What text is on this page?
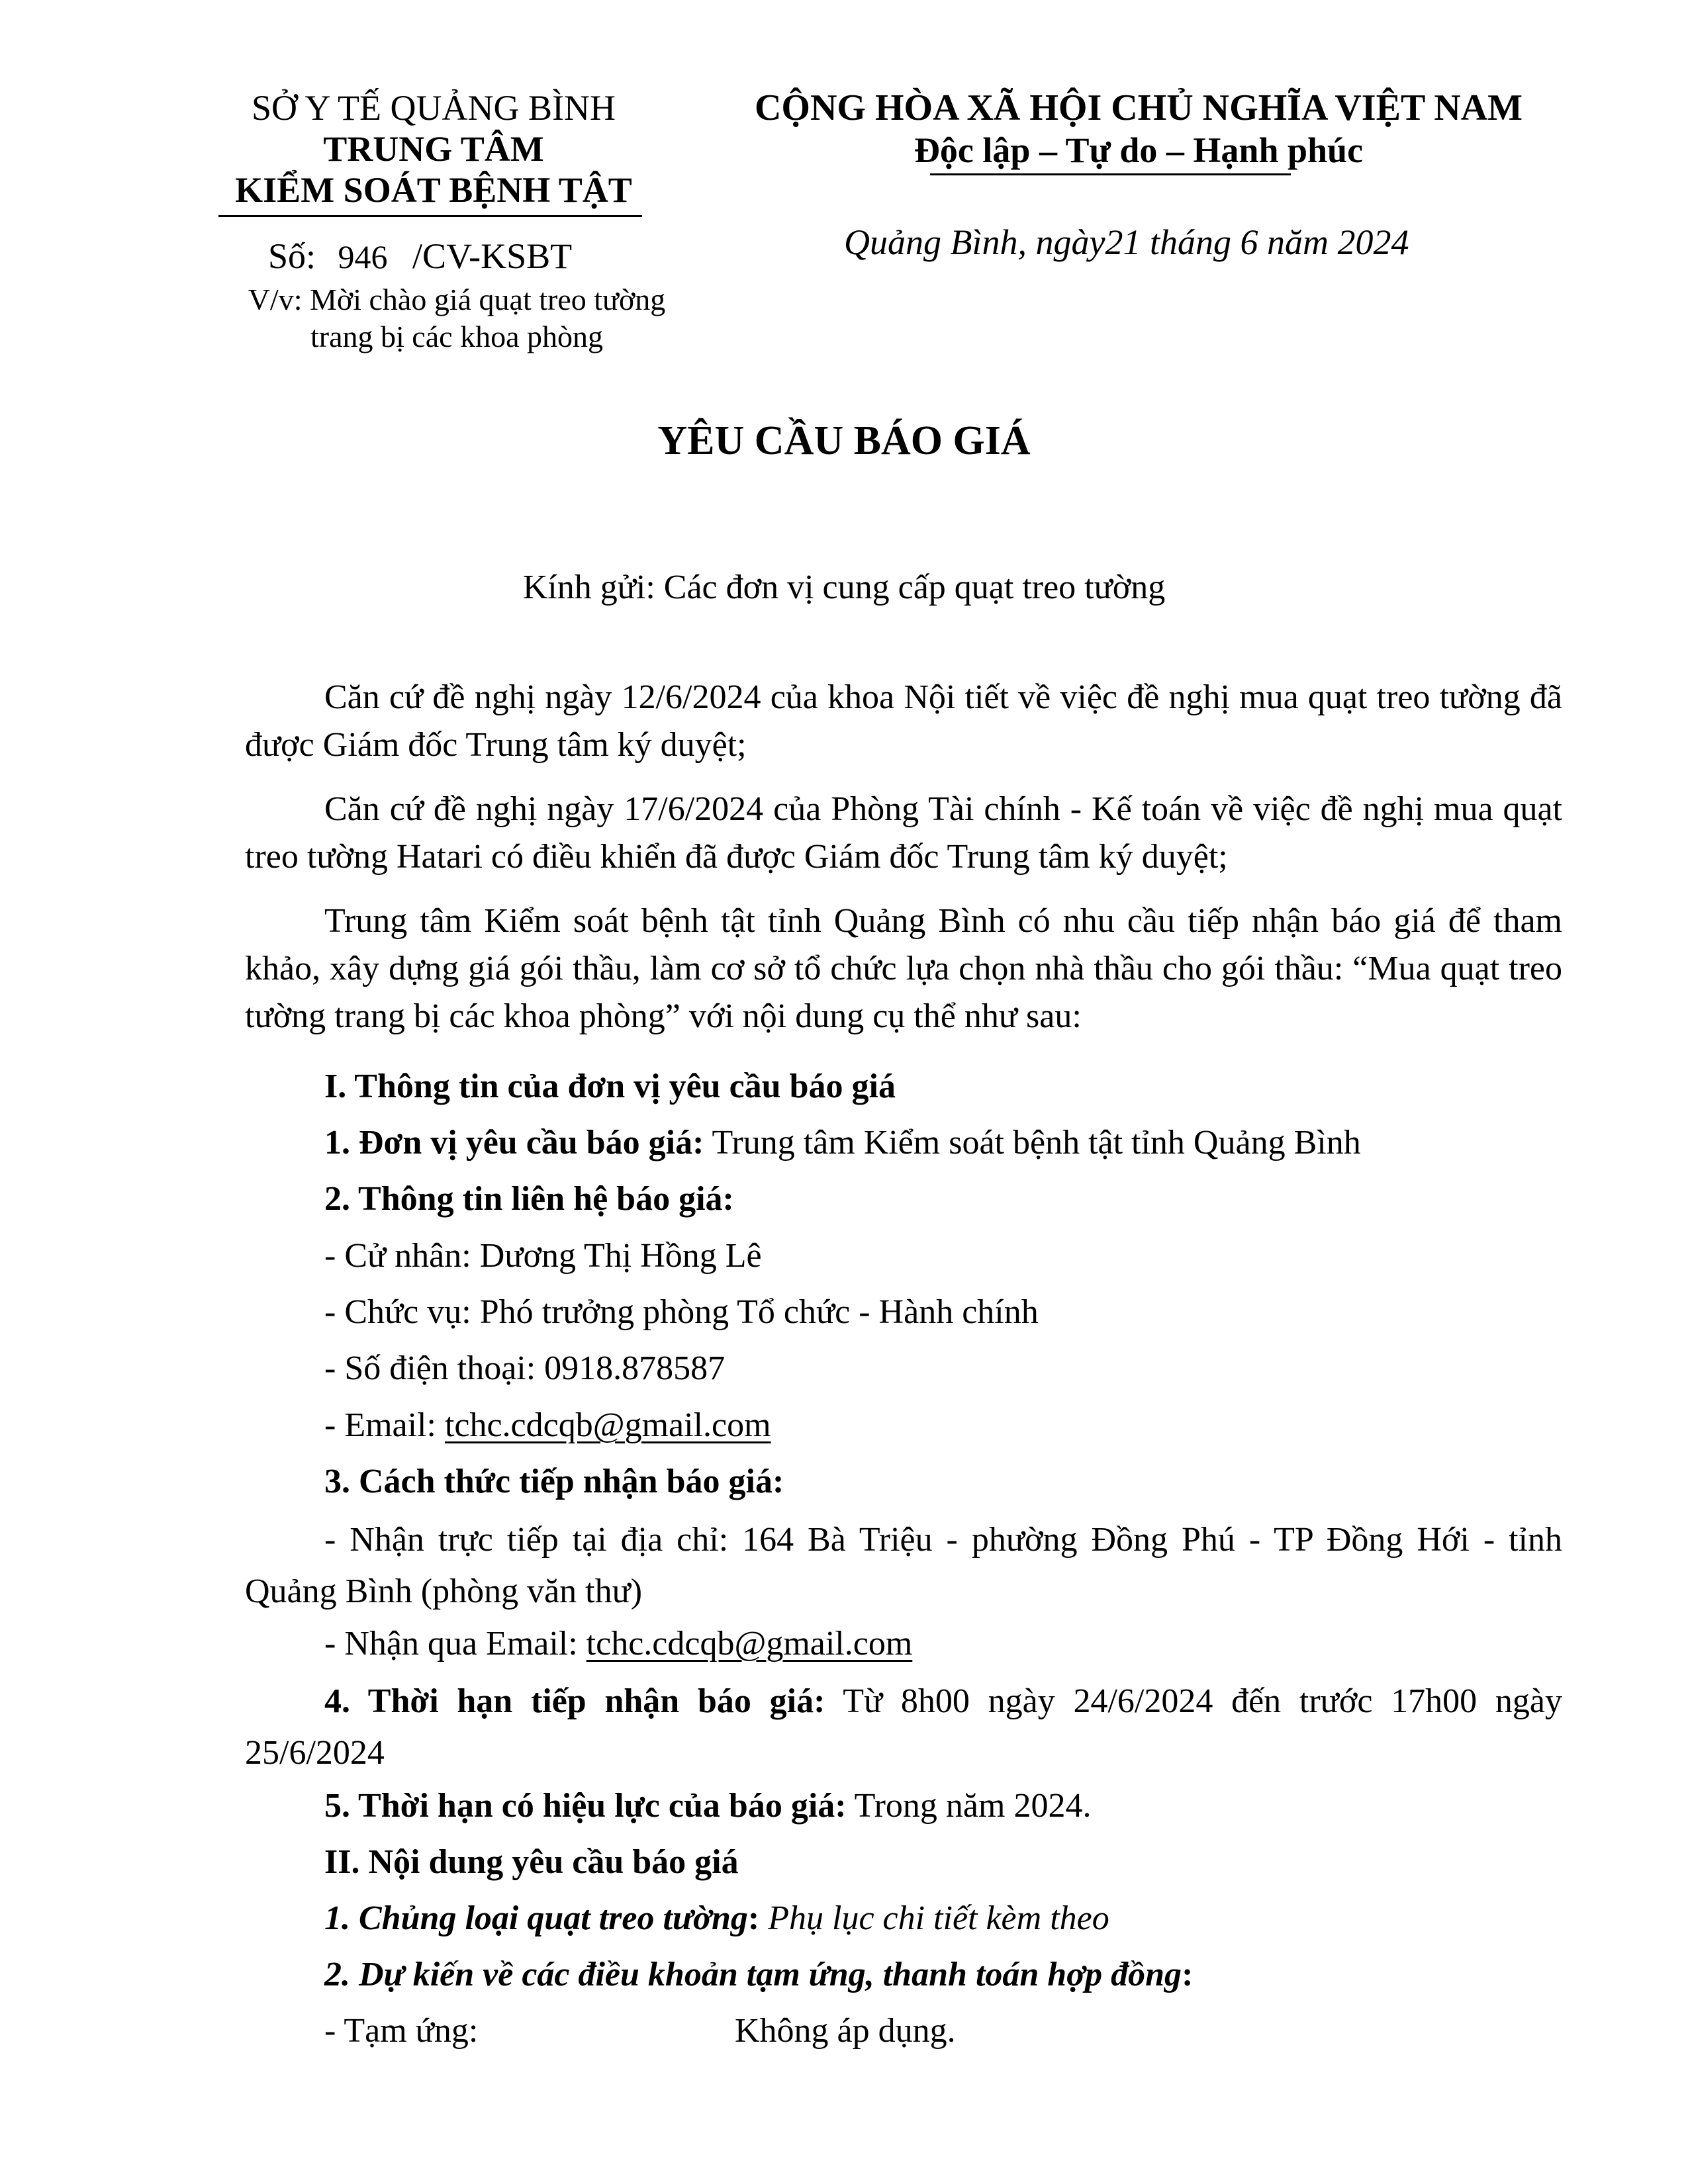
SỞ Y TẾ QUẢNG BÌNH
TRUNG TÂM
KIỂM SOÁT BỆNH TẬT
Số: 946 /CV-KSBT
V/v: Mời chào giá quạt treo tường
trang bị các khoa phòng
CỘNG HÒA XÃ HỘI CHỦ NGHĨA VIỆT NAM
Độc lập – Tự do – Hạnh phúc
Quảng Bình, ngày21 tháng 6 năm 2024
YÊU CẦU BÁO GIÁ
Kính gửi: Các đơn vị cung cấp quạt treo tường
Căn cứ đề nghị ngày 12/6/2024 của khoa Nội tiết về việc đề nghị mua quạt treo tường đã được Giám đốc Trung tâm ký duyệt;
Căn cứ đề nghị ngày 17/6/2024 của Phòng Tài chính - Kế toán về việc đề nghị mua quạt treo tường Hatari có điều khiển đã được Giám đốc Trung tâm ký duyệt;
Trung tâm Kiểm soát bệnh tật tỉnh Quảng Bình có nhu cầu tiếp nhận báo giá để tham khảo, xây dựng giá gói thầu, làm cơ sở tổ chức lựa chọn nhà thầu cho gói thầu: “Mua quạt treo tường trang bị các khoa phòng” với nội dung cụ thể như sau:
I. Thông tin của đơn vị yêu cầu báo giá
1. Đơn vị yêu cầu báo giá: Trung tâm Kiểm soát bệnh tật tỉnh Quảng Bình
2. Thông tin liên hệ báo giá:
- Cử nhân: Dương Thị Hồng Lê
- Chức vụ: Phó trưởng phòng Tổ chức - Hành chính
- Số điện thoại: 0918.878587
- Email: tchc.cdcqb@gmail.com
3. Cách thức tiếp nhận báo giá:
- Nhận trực tiếp tại địa chỉ: 164 Bà Triệu - phường Đồng Phú - TP Đồng Hới - tỉnh Quảng Bình (phòng văn thư)
- Nhận qua Email: tchc.cdcqb@gmail.com
4. Thời hạn tiếp nhận báo giá: Từ 8h00 ngày 24/6/2024 đến trước 17h00 ngày 25/6/2024
5. Thời hạn có hiệu lực của báo giá: Trong năm 2024.
II. Nội dung yêu cầu báo giá
1. Chủng loại quạt treo tường: Phụ lục chi tiết kèm theo
2. Dự kiến về các điều khoản tạm ứng, thanh toán hợp đồng:
- Tạm ứng:	Không áp dụng.
